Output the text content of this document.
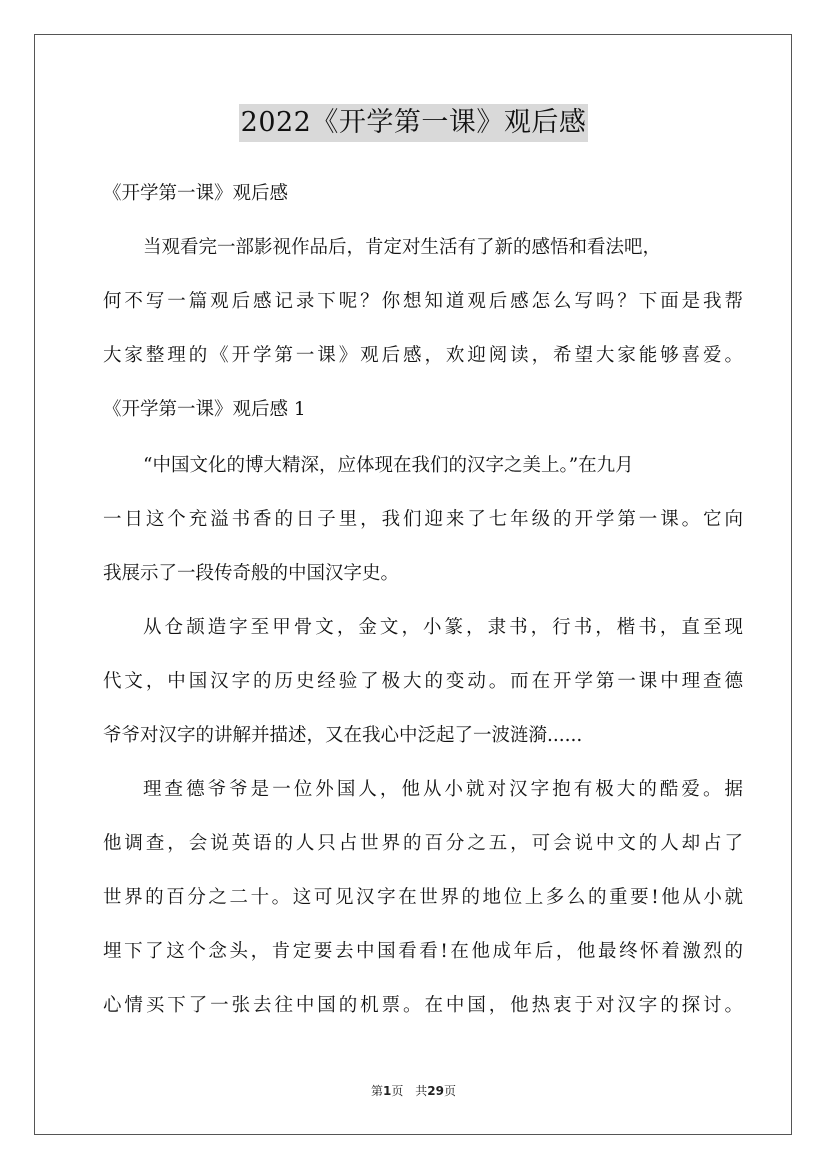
2022《开学第一课》观后感
《开学第一课》观后感
当观看完一部影视作品后，肯定对生活有了新的感悟和看法吧，
何不写一篇观后感记录下呢？你想知道观后感怎么写吗？下面是我帮
大家整理的《开学第一课》观后感，欢迎阅读，希望大家能够喜爱。
《开学第一课》观后感 1
“中国文化的博大精深，应体现在我们的汉字之美上。”在九月
一日这个充溢书香的日子里，我们迎来了七年级的开学第一课。它向
我展示了一段传奇般的中国汉字史。
从仓颉造字至甲骨文，金文，小篆，隶书，行书，楷书，直至现
代文，中国汉字的历史经验了极大的变动。而在开学第一课中理查德
爷爷对汉字的讲解并描述，又在我心中泛起了一波涟漪......
理查德爷爷是一位外国人，他从小就对汉字抱有极大的酷爱。据
他调查，会说英语的人只占世界的百分之五，可会说中文的人却占了
世界的百分之二十。这可见汉字在世界的地位上多么的重要!他从小就
埋下了这个念头，肯定要去中国看看!在他成年后，他最终怀着激烈的
心情买下了一张去往中国的机票。在中国，他热衷于对汉字的探讨。
第1页 共29页
